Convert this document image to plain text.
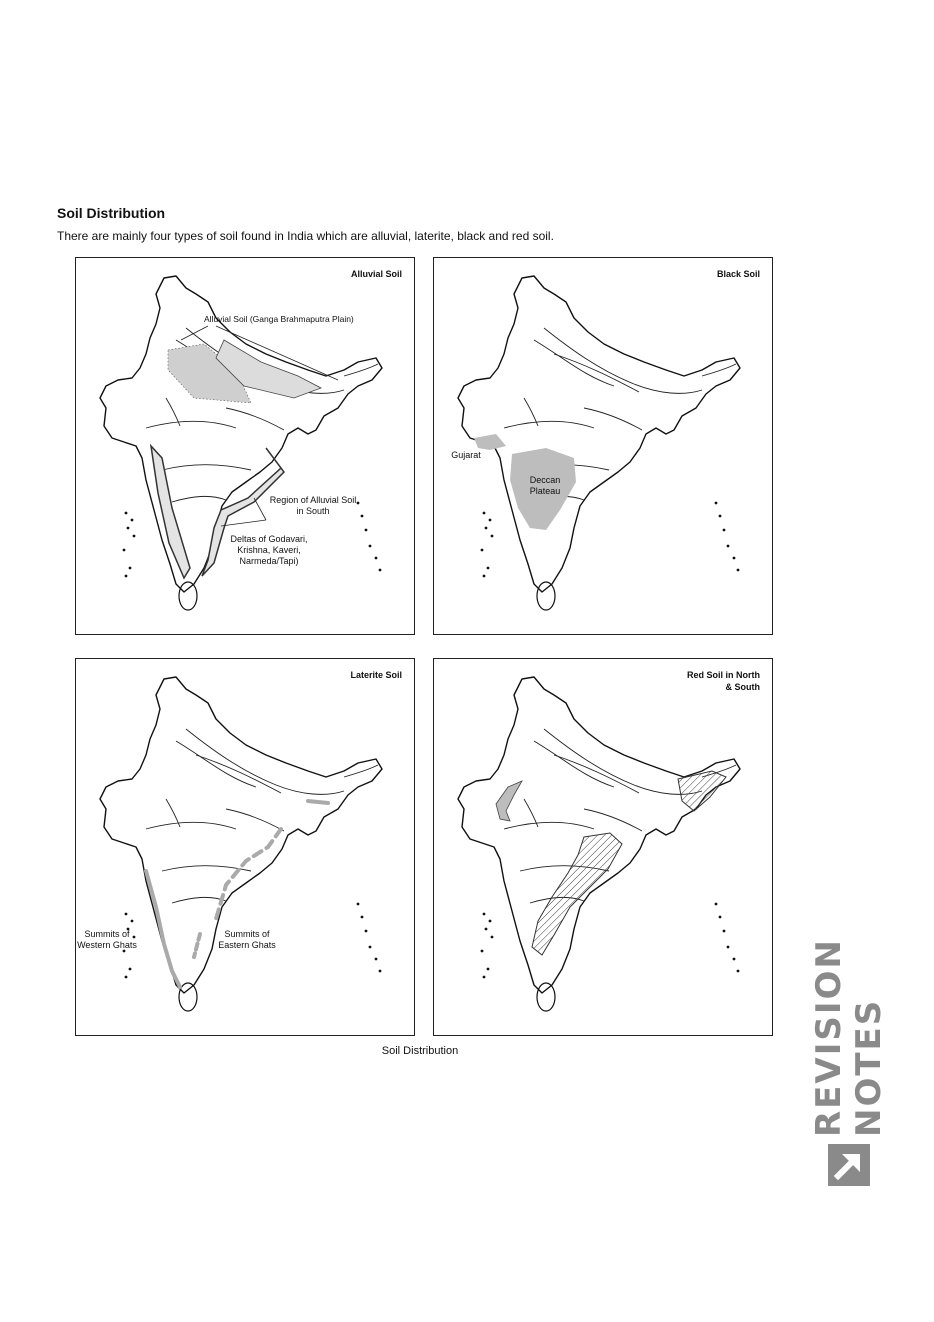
Soil Distribution
There are mainly four types of soil found in India which are alluvial, laterite, black and red soil.
Alluvial Soil
Alluvial Soil (Ganga Brahmaputra Plain)
Region of Alluvial Soil in South
Deltas of Godavari, Krishna, Kaveri, Narmeda/Tapi)
Black Soil
Gujarat
Deccan Plateau
Laterite Soil
Summits of Western Ghats
Summits of Eastern Ghats
Red Soil in North & South
Soil Distribution	REVISION NOTES
